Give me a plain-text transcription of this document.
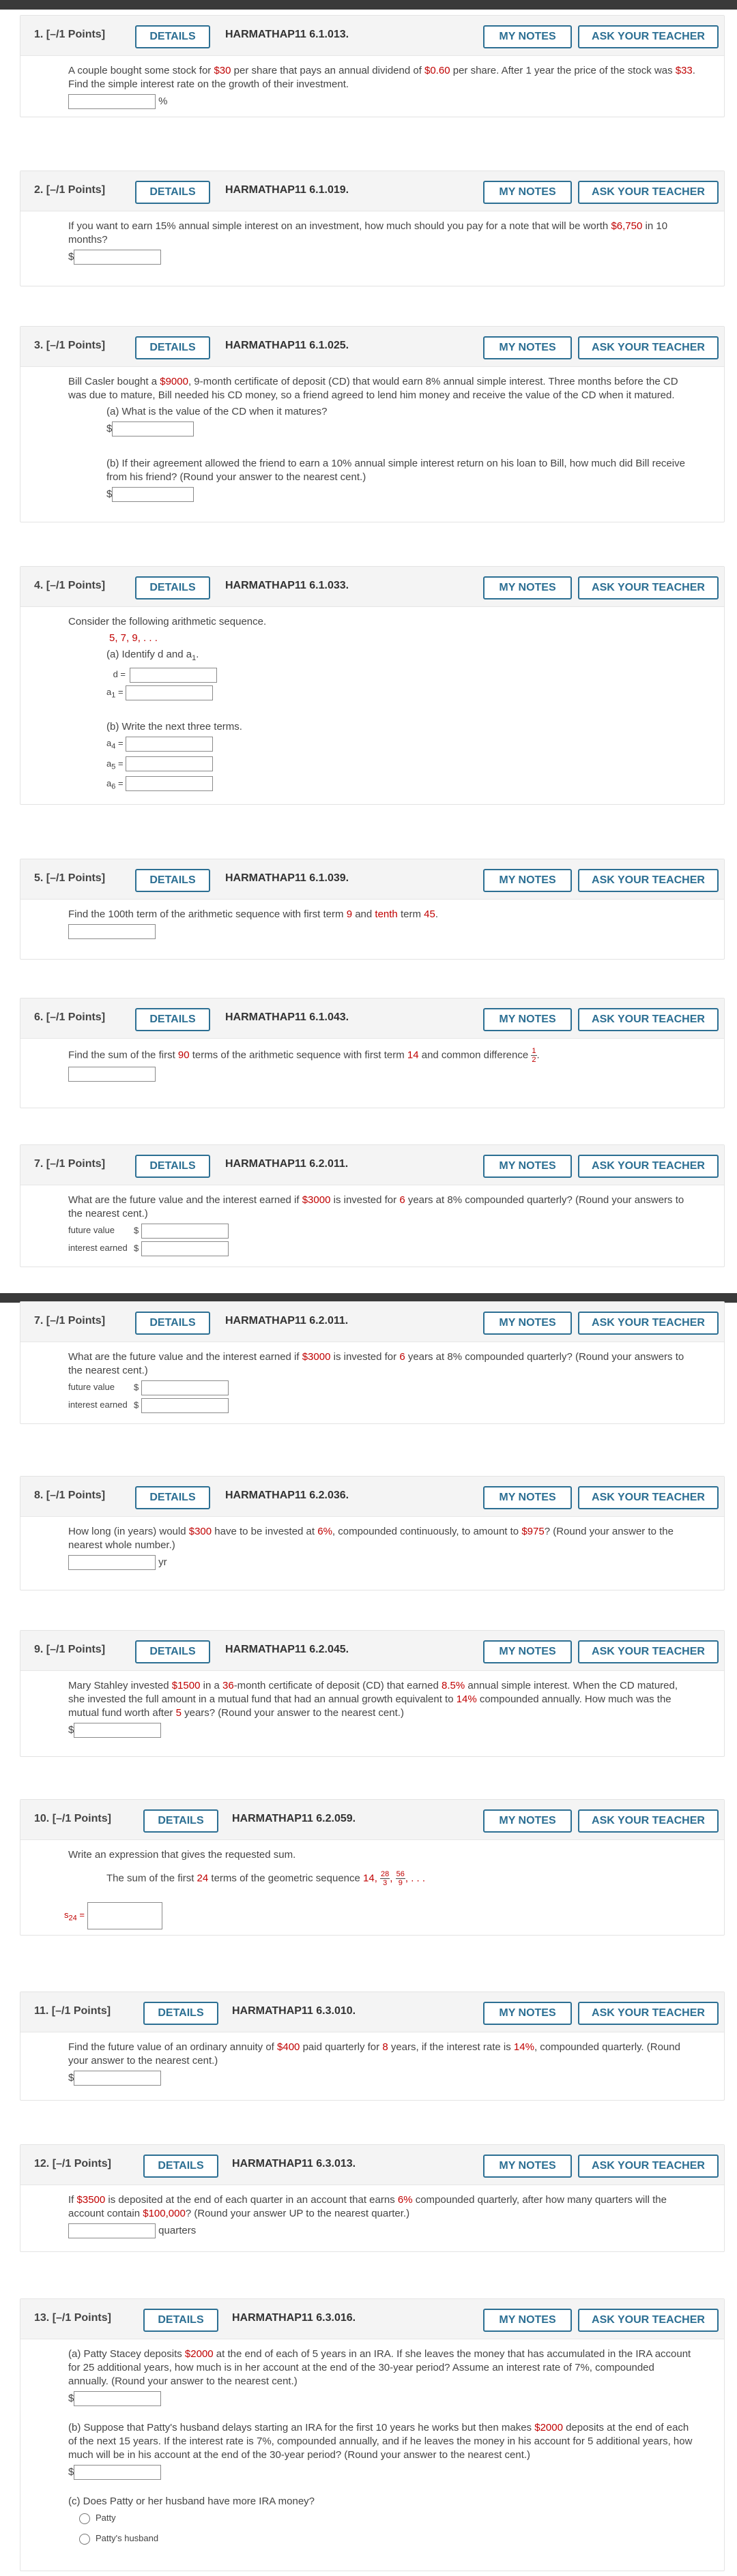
1. [–/1 Points]	DETAILS	HARMATHAP11 6.1.013.	MY NOTES	ASK YOUR TEACHER
A couple bought some stock for $30 per share that pays an annual dividend of $0.60 per share. After 1 year the price of the stock was $33. Find the simple interest rate on the growth of their investment.
%
2. [–/1 Points]	DETAILS	HARMATHAP11 6.1.019.	MY NOTES	ASK YOUR TEACHER
If you want to earn 15% annual simple interest on an investment, how much should you pay for a note that will be worth $6,750 in 10 months?
$
3. [–/1 Points]	DETAILS	HARMATHAP11 6.1.025.	MY NOTES	ASK YOUR TEACHER
Bill Casler bought a $9000, 9-month certificate of deposit (CD) that would earn 8% annual simple interest. Three months before the CD was due to mature, Bill needed his CD money, so a friend agreed to lend him money and receive the value of the CD when it matured.
(a) What is the value of the CD when it matures?
$
(b) If their agreement allowed the friend to earn a 10% annual simple interest return on his loan to Bill, how much did Bill receive from his friend? (Round your answer to the nearest cent.)
$
4. [–/1 Points]	DETAILS	HARMATHAP11 6.1.033.	MY NOTES	ASK YOUR TEACHER
Consider the following arithmetic sequence.
5, 7, 9, . . .
(a) Identify d and $a_1$.
d =
$a_1$ =
(b) Write the next three terms.
$a_4$ =
$a_5$ =
$a_6$ =
5. [–/1 Points]	DETAILS	HARMATHAP11 6.1.039.	MY NOTES	ASK YOUR TEACHER
Find the 100th term of the arithmetic sequence with first term 9 and tenth term 45.
6. [–/1 Points]	DETAILS	HARMATHAP11 6.1.043.	MY NOTES	ASK YOUR TEACHER
Find the sum of the first 90 terms of the arithmetic sequence with first term 14 and common difference $\frac{1}{2}$ .
7. [–/1 Points]	DETAILS	HARMATHAP11 6.2.011.	MY NOTES	ASK YOUR TEACHER
What are the future value and the interest earned if $3000 is invested for 6 years at 8% compounded quarterly? (Round your answers to the nearest cent.)
future value $
interest earned $
7. [–/1 Points]	DETAILS	HARMATHAP11 6.2.011.	MY NOTES	ASK YOUR TEACHER
What are the future value and the interest earned if $3000 is invested for 6 years at 8% compounded quarterly? (Round your answers to the nearest cent.)
future value $
interest earned $
8. [–/1 Points]	DETAILS	HARMATHAP11 6.2.036.	MY NOTES	ASK YOUR TEACHER
How long (in years) would $300 have to be invested at 6%, compounded continuously, to amount to $975? (Round your answer to the nearest whole number.)
yr
9. [–/1 Points]	DETAILS	HARMATHAP11 6.2.045.	MY NOTES	ASK YOUR TEACHER
Mary Stahley invested $1500 in a 36-month certificate of deposit (CD) that earned 8.5% annual simple interest. When the CD matured, she invested the full amount in a mutual fund that had an annual growth equivalent to 14% compounded annually. How much was the mutual fund worth after 5 years? (Round your answer to the nearest cent.)
$
10. [–/1 Points]	DETAILS	HARMATHAP11 6.2.059.	MY NOTES	ASK YOUR TEACHER
Write an expression that gives the requested sum.
The sum of the first 24 terms of the geometric sequence 14, $\frac{28}{3}$ , $\frac{56}{9}$ , . . .
$s_{24}$ =
11. [–/1 Points]	DETAILS	HARMATHAP11 6.3.010.	MY NOTES	ASK YOUR TEACHER
Find the future value of an ordinary annuity of $400 paid quarterly for 8 years, if the interest rate is 14%, compounded quarterly. (Round your answer to the nearest cent.)
$
12. [–/1 Points]	DETAILS	HARMATHAP11 6.3.013.	MY NOTES	ASK YOUR TEACHER
If $3500 is deposited at the end of each quarter in an account that earns 6% compounded quarterly, after how many quarters will the account contain $100,000? (Round your answer UP to the nearest quarter.)
quarters
13. [–/1 Points]	DETAILS	HARMATHAP11 6.3.016.	MY NOTES	ASK YOUR TEACHER
(a) Patty Stacey deposits $2000 at the end of each of 5 years in an IRA. If she leaves the money that has accumulated in the IRA account for 25 additional years, how much is in her account at the end of the 30-year period? Assume an interest rate of 7%, compounded annually. (Round your answer to the nearest cent.)
$
(b) Suppose that Patty's husband delays starting an IRA for the first 10 years he works but then makes $2000 deposits at the end of each of the next 15 years. If the interest rate is 7%, compounded annually, and if he leaves the money in his account for 5 additional years, how much will be in his account at the end of the 30-year period? (Round your answer to the nearest cent.)
$
(c) Does Patty or her husband have more IRA money?
Patty
Patty's husband
